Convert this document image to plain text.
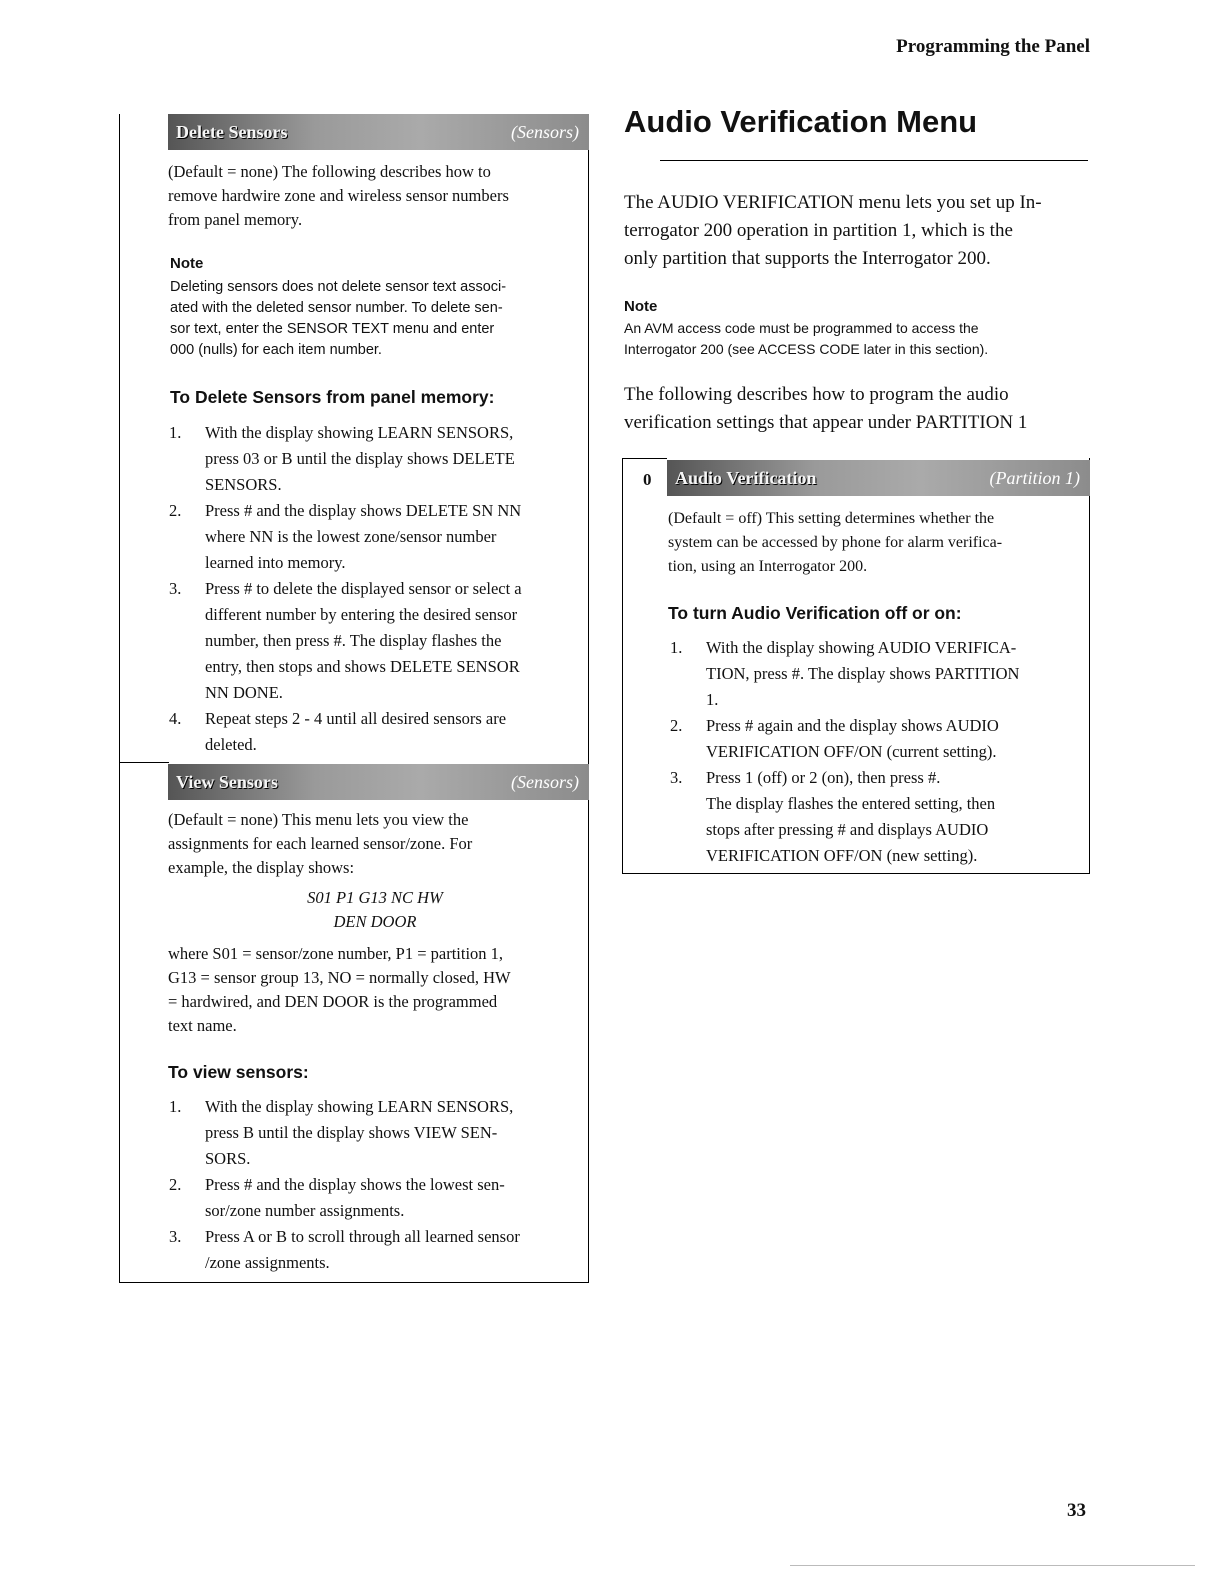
Programming the Panel
Delete Sensors	(Sensors)
(Default = none) The following describes how to
remove hardwire zone and wireless sensor numbers
from panel memory.
Note
Deleting sensors does not delete sensor text associ-
ated with the deleted sensor number. To delete sen-
sor text, enter the SENSOR TEXT menu and enter
000 (nulls) for each item number.
To Delete Sensors from panel memory:
1. With the display showing LEARN SENSORS,
press 03 or B until the display shows DELETE
SENSORS.
2. Press # and the display shows DELETE SN NN
where NN is the lowest zone/sensor number
learned into memory.
3. Press # to delete the displayed sensor or select a
different number by entering the desired sensor
number, then press #. The display flashes the
entry, then stops and shows DELETE SENSOR
NN DONE.
4. Repeat steps 2 - 4 until all desired sensors are
deleted.
View Sensors	(Sensors)
(Default = none) This menu lets you view the
assignments for each learned sensor/zone. For
example, the display shows:
S01 P1 G13 NC HW
DEN DOOR
where S01 = sensor/zone number, P1 = partition 1,
G13 = sensor group 13, NO = normally closed, HW
= hardwired, and DEN DOOR is the programmed
text name.
To view sensors:
1. With the display showing LEARN SENSORS,
press B until the display shows VIEW SEN-
SORS.
2. Press # and the display shows the lowest sen-
sor/zone number assignments.
3. Press A or B to scroll through all learned sensor
/zone assignments.
Audio Verification Menu
The AUDIO VERIFICATION menu lets you set up In-
terrogator 200 operation in partition 1, which is the
only partition that supports the Interrogator 200.
Note
An AVM access code must be programmed to access the
Interrogator 200 (see ACCESS CODE later in this section).
The following describes how to program the audio
verification settings that appear under PARTITION 1
0 Audio Verification	(Partition 1)
(Default = off) This setting determines whether the
system can be accessed by phone for alarm verifica-
tion, using an Interrogator 200.
To turn Audio Verification off or on:
1. With the display showing AUDIO VERIFICA-
TION, press #. The display shows PARTITION
1.
2. Press # again and the display shows AUDIO
VERIFICATION OFF/ON (current setting).
3. Press 1 (off) or 2 (on), then press #.
The display flashes the entered setting, then
stops after pressing # and displays AUDIO
VERIFICATION OFF/ON (new setting).
33
